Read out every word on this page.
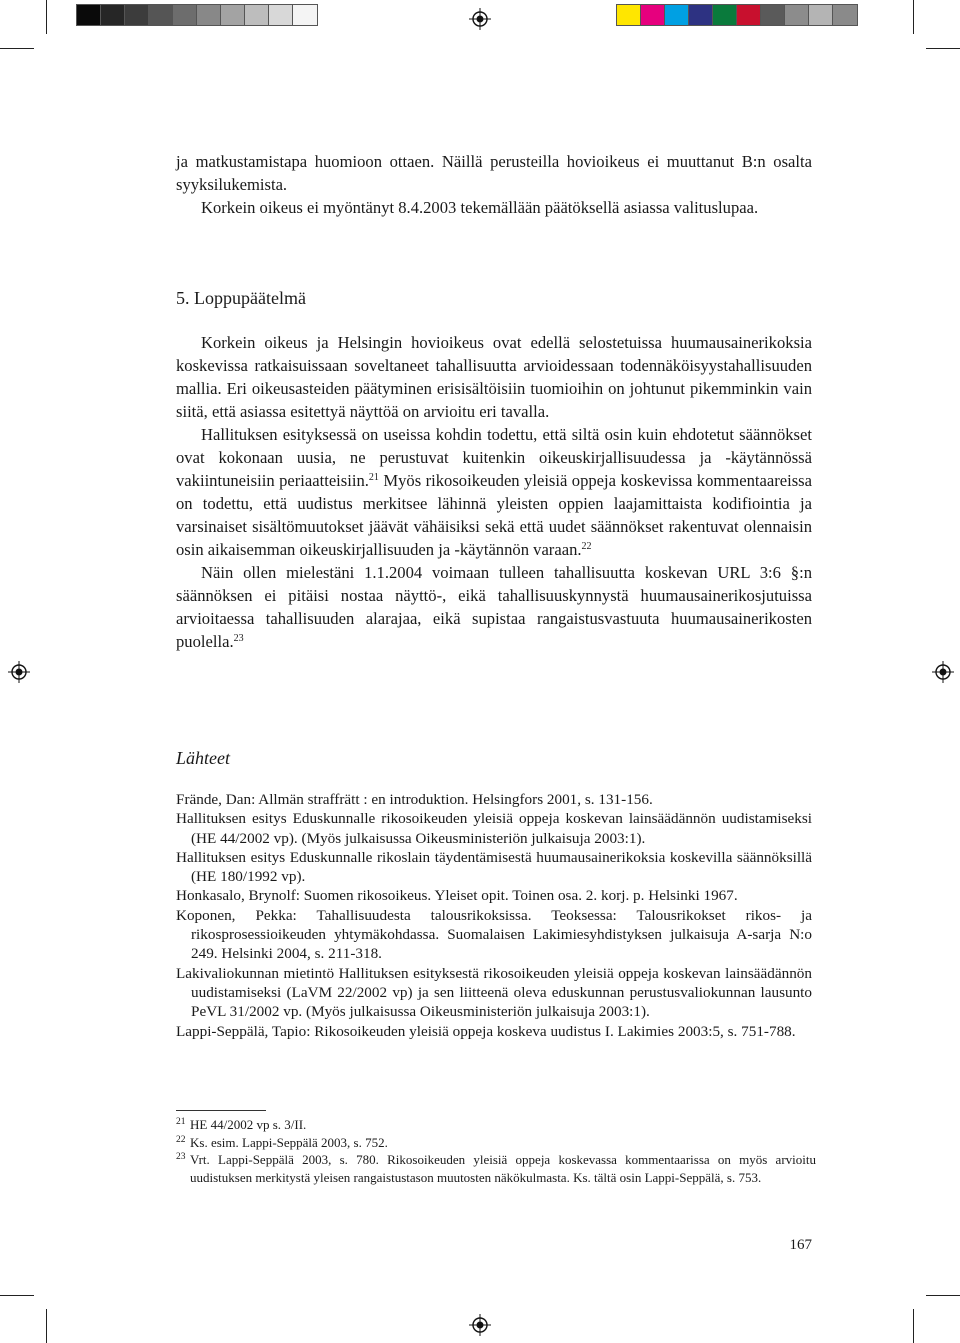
ja matkustamistapa huomioon ottaen. Näillä perusteilla hovioikeus ei muuttanut B:n osalta syyksilukemista.

Korkein oikeus ei myöntänyt 8.4.2003 tekemällään päätöksellä asiassa valituslupaa.

5. Loppupäätelmä

Korkein oikeus ja Helsingin hovioikeus ovat edellä selostetuissa huumausainerikoksia koskevissa ratkaisuissaan soveltaneet tahallisuutta arvioidessaan todennäköisyystahallisuuden mallia. Eri oikeusasteiden päätyminen erisisältöisiin tuomioihin on johtunut pikemminkin vain siitä, että asiassa esitettyä näyttöä on arvioitu eri tavalla.

Hallituksen esityksessä on useissa kohdin todettu, että siltä osin kuin ehdotetut säännökset ovat kokonaan uusia, ne perustuvat kuitenkin oikeuskirjallisuudessa ja -käytännössä vakiintuneisiin periaatteisiin.$^{21}$ Myös rikosoikeuden yleisiä oppeja koskevissa kommentaareissa on todettu, että uudistus merkitsee lähinnä yleisten oppien laajamittaista kodifiointia ja varsinaiset sisältömuutokset jäävät vähäisiksi sekä että uudet säännökset rakentuvat olennaisin osin aikaisemman oikeuskirjallisuuden ja -käytännön varaan.$^{22}$

Näin ollen mielestäni 1.1.2004 voimaan tulleen tahallisuutta koskevan URL 3:6 §:n säännöksen ei pitäisi nostaa näyttö-, eikä tahallisuuskynnystä huumausainerikosjutuissa arvioitaessa tahallisuuden alarajaa, eikä supistaa rangaistusvastuuta huumausainerikosten puolella.$^{23}$

Lähteet

Frände, Dan: Allmän straffrätt : en introduktion. Helsingfors 2001, s. 131-156.

Hallituksen esitys Eduskunnalle rikosoikeuden yleisiä oppeja koskevan lainsäädännön uudistamiseksi (HE 44/2002 vp). (Myös julkaisussa Oikeusministeriön julkaisuja 2003:1).

Hallituksen esitys Eduskunnalle rikoslain täydentämisestä huumausainerikoksia koskevilla säännöksillä (HE 180/1992 vp).

Honkasalo, Brynolf: Suomen rikosoikeus. Yleiset opit. Toinen osa. 2. korj. p. Helsinki 1967.

Koponen, Pekka: Tahallisuudesta talousrikoksissa. Teoksessa: Talousrikokset rikos- ja rikosprosessioikeuden yhtymäkohdassa. Suomalaisen Lakimiesyhdistyksen julkaisuja A-sarja N:o 249. Helsinki 2004, s. 211-318.

Lakivaliokunnan mietintö Hallituksen esityksestä rikosoikeuden yleisiä oppeja koskevan lainsäädännön uudistamiseksi (LaVM 22/2002 vp) ja sen liitteenä oleva eduskunnan perustusvaliokunnan lausunto PeVL 31/2002 vp. (Myös julkaisussa Oikeusministeriön julkaisuja 2003:1).

Lappi-Seppälä, Tapio: Rikosoikeuden yleisiä oppeja koskeva uudistus I. Lakimies 2003:5, s. 751-788.

21 HE 44/2002 vp s. 3/II.
22 Ks. esim. Lappi-Seppälä 2003, s. 752.
23 Vrt. Lappi-Seppälä 2003, s. 780. Rikosoikeuden yleisiä oppeja koskevassa kommentaarissa on myös arvioitu uudistuksen merkitystä yleisen rangaistustason muutosten näkökulmasta. Ks. tältä osin Lappi-Seppälä, s. 753.
167
